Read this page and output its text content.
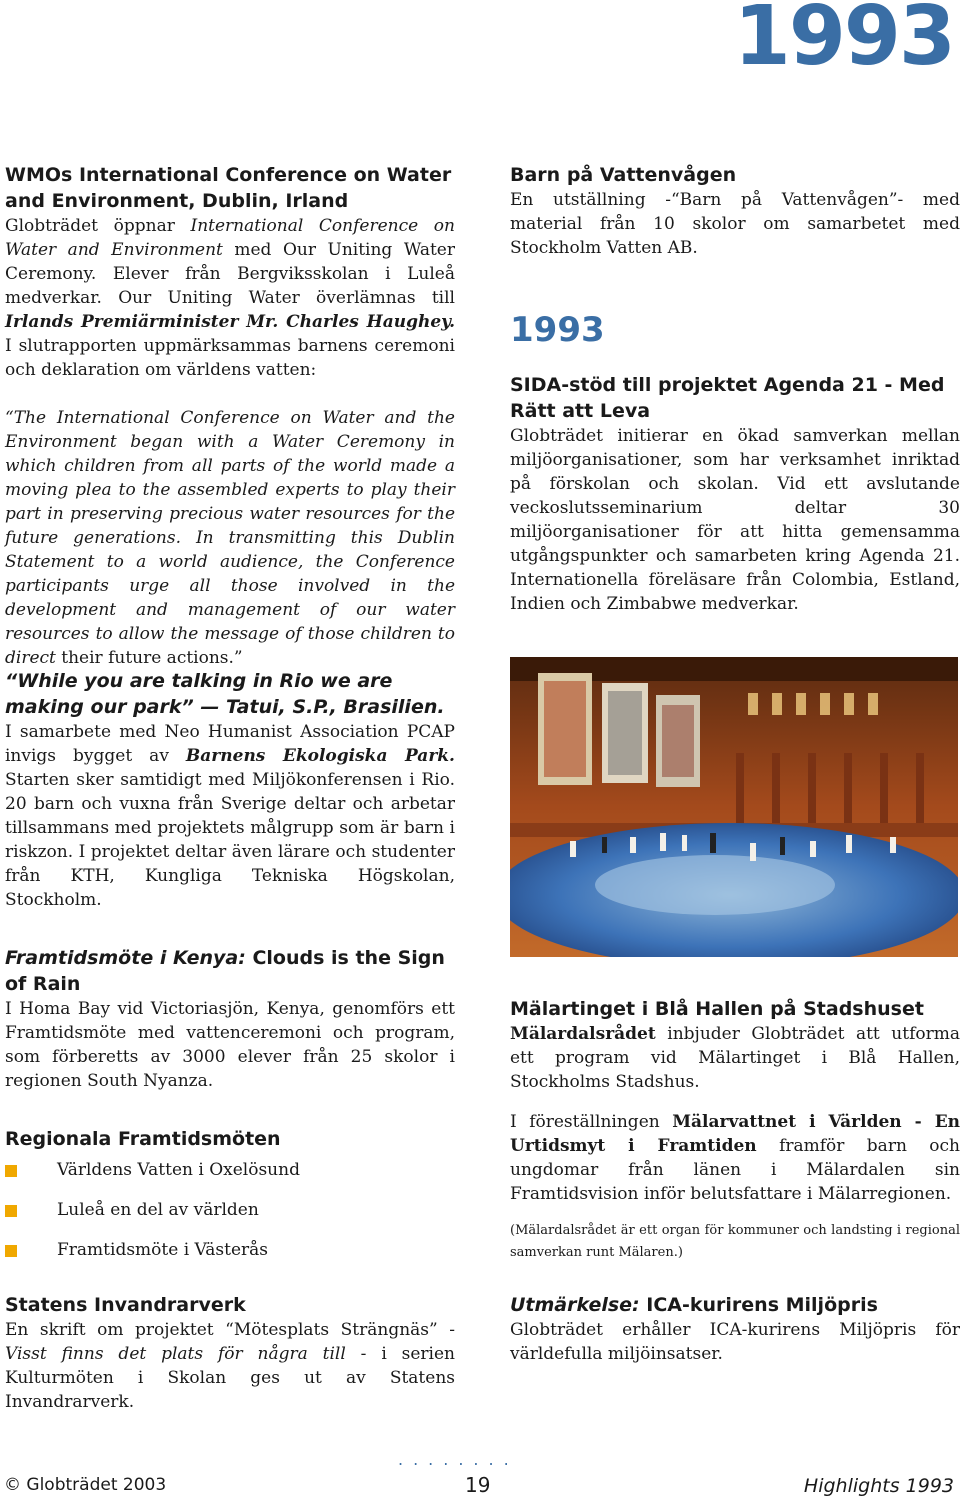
1993
WMOs International Conference on Water and Environment, Dublin, Irland

Globträdet öppnar International Conference on Water and Environment med Our Uniting Water Ceremony. Elever från Bergviksskolan i Luleå medverkar. Our Uniting Water överlämnas till Irlands Premiärminister Mr. Charles Haughey. I slutrapporten uppmärksammas barnens ceremoni och deklaration om världens vatten:

“The International Conference on Water and the Environment began with a Water Ceremony in which children from all parts of the world made a moving plea to the assembled experts to play their part in preserving precious water resources for the future generations. In transmitting this Dublin Statement to a world audience, the Conference participants urge all those involved in the development and management of our water resources to allow the message of those children to direct their future actions.”

“While you are talking in Rio we are making our park” — Tatui, S.P., Brasilien.

I samarbete med Neo Humanist Association PCAP invigs bygget av Barnens Ekologiska Park. Starten sker samtidigt med Miljökonferensen i Rio. 20 barn och vuxna från Sverige deltar och arbetar tillsammans med projektets målgrupp som är barn i riskzon. I projektet deltar även lärare och studenter från KTH, Kungliga Tekniska Högskolan, Stockholm.

Framtidsmöte i Kenya: Clouds is the Sign of Rain

I Homa Bay vid Victoriasjön, Kenya, genomförs ett Framtidsmöte med vattenceremoni och program, som förberetts av 3000 elever från 25 skolor i regionen South Nyanza.

Regionala Framtidsmöten
Världens Vatten i Oxelösund
Luleå en del av världen
Framtidsmöte i Västerås
Statens Invandrarverk

En skrift om projektet “Mötesplats Strängnäs” - Visst finns det plats för några till - i serien Kulturmöten i Skolan ges ut av Statens Invandrarverk.

Barn på Vattenvågen

En utställning -“Barn på Vattenvågen”- med material från 10 skolor om samarbetet med Stockholm Vatten AB.

1993
SIDA-stöd till projektet Agenda 21 - Med Rätt att Leva

Globträdet initierar en ökad samverkan mellan miljöorganisationer, som har verksamhet inriktad på förskolan och skolan. Vid ett avslutande veckoslutsseminarium deltar 30 miljöorganisationer för att hitta gemensamma utgångspunkter och samarbeten kring Agenda 21. Internationella föreläsare från Colombia, Estland, Indien och Zimbabwe medverkar.

Mälartinget i Blå Hallen på Stadshuset

Mälardalsrådet inbjuder Globträdet att utforma ett program vid Mälartinget i Blå Hallen, Stockholms Stadshus.

I föreställningen Mälarvattnet i Världen - En Urtidsmyt i Framtiden framför barn och ungdomar från länen i Mälardalen sin Framtidsvision inför belutsfattare i Mälarregionen.

(Mälardalsrådet är ett organ för kommuner och landsting i regional samverkan runt Mälaren.)

Utmärkelse: ICA-kurirens Miljöpris

Globträdet erhåller ICA-kurirens Miljöpris för världefulla miljöinsatser.

........
© Globträdet 2003	19	Highlights 1993
